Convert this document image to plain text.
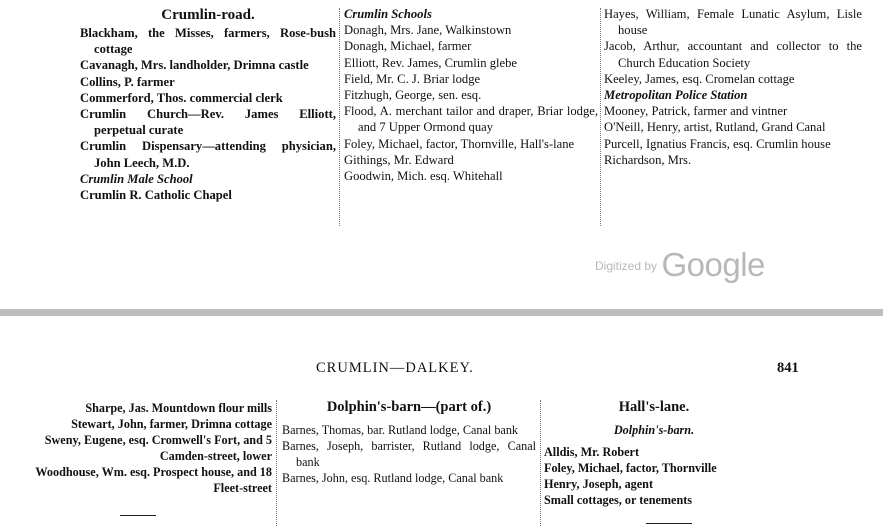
Crumlin-road.
Blackham, the Misses, farmers, Rose-bush cottage
Cavanagh, Mrs. landholder, Drimna castle
Collins, P. farmer
Commerford, Thos. commercial clerk
Crumlin Church—Rev. James Elliott, perpetual curate
Crumlin Dispensary—attending physician, John Leech, M.D.
Crumlin Male School
Crumlin R. Catholic Chapel
Crumlin Schools
Donagh, Mrs. Jane, Walkinstown
Donagh, Michael, farmer
Elliott, Rev. James, Crumlin glebe
Field, Mr. C. J. Briar lodge
Fitzhugh, George, sen. esq.
Flood, A. merchant tailor and draper, Briar lodge, and 7 Upper Ormond quay
Foley, Michael, factor, Thornville, Hall's-lane
Githings, Mr. Edward
Goodwin, Mich. esq. Whitehall
Hayes, William, Female Lunatic Asylum, Lisle house
Jacob, Arthur, accountant and collector to the Church Education Society
Keeley, James, esq. Cromelan cottage
Metropolitan Police Station
Mooney, Patrick, farmer and vintner
O'Neill, Henry, artist, Rutland, Grand Canal
Purcell, Ignatius Francis, esq. Crumlin house
Richardson, Mrs.
$^{Digitized by}$ Google
CRUMLIN—DALKEY.	841
Sharpe, Jas. Mountdown flour mills
Stewart, John, farmer, Drimna cottage
Sweny, Eugene, esq. Cromwell's Fort, and 5 Camden-street, lower
Woodhouse, Wm. esq. Prospect house, and 18 Fleet-street
Dolphin's-barn—(part of.)
Barnes, Thomas, bar. Rutland lodge, Canal bank
Barnes, Joseph, barrister, Rutland lodge, Canal bank
Barnes, John, esq. Rutland lodge, Canal bank
Hall's-lane.
Dolphin's-barn.
Alldis, Mr. Robert
Foley, Michael, factor, Thornville
Henry, Joseph, agent
Small cottages, or tenements
